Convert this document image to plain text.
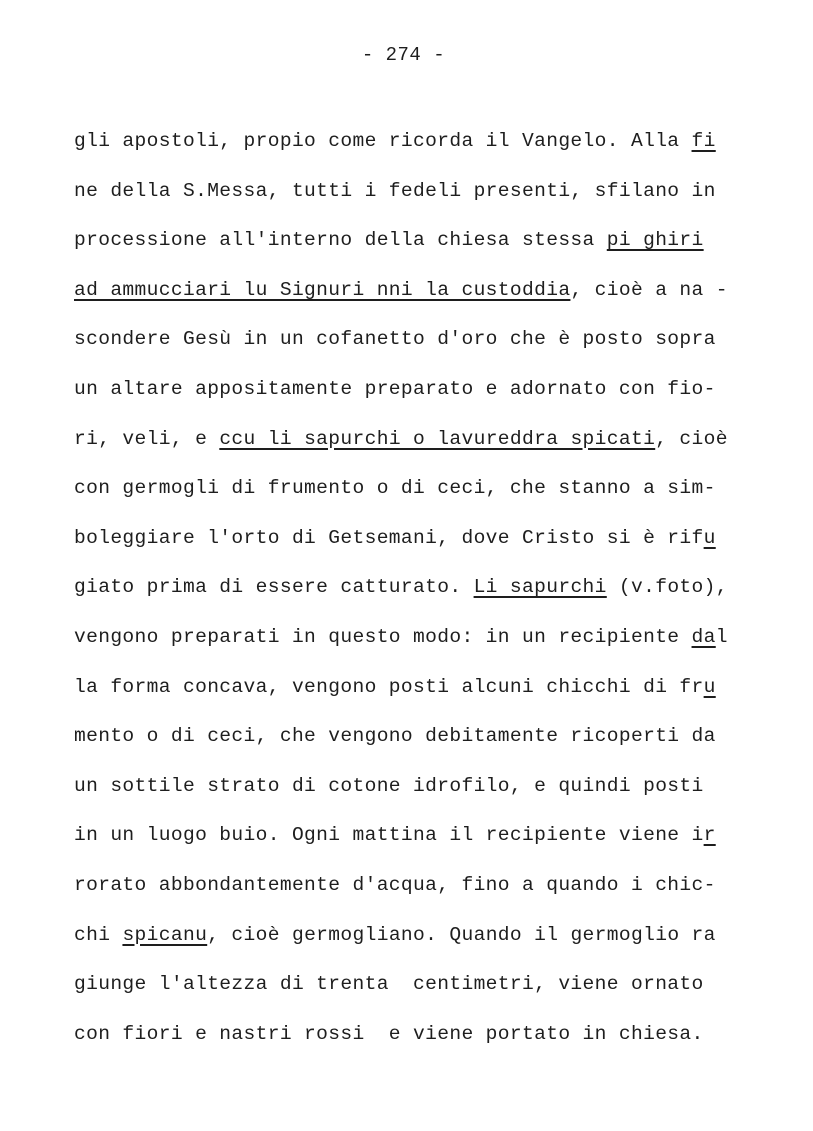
- 274 -
gli apostoli, propio come ricorda il Vangelo. Alla fi
ne della S.Messa, tutti i fedeli presenti, sfilano in
processione all'interno della chiesa stessa pi ghiri
ad ammucciari lu Signuri nni la custoddia, cioè a na -
scondere Gesù in un cofanetto d'oro che è posto sopra
un altare appositamente preparato e adornato con fio-
ri, veli, e ccu li sapurchi o lavureddra spicati, cioè
con germogli di frumento o di ceci, che stanno a sim-
boleggiare l'orto di Getsemani, dove Cristo si è rifu
giato prima di essere catturato. Li sapurchi (v.foto),
vengono preparati in questo modo: in un recipiente dal
la forma concava, vengono posti alcuni chicchi di fru
mento o di ceci, che vengono debitamente ricoperti da
un sottile strato di cotone idrofilo, e quindi posti
in un luogo buio. Ogni mattina il recipiente viene ir
rorato abbondantemente d'acqua, fino a quando i chic-
chi spicanu, cioè germogliano. Quando il germoglio ra
giunge l'altezza di trenta  centimetri, viene ornato
con fiori e nastri rossi  e viene portato in chiesa.
